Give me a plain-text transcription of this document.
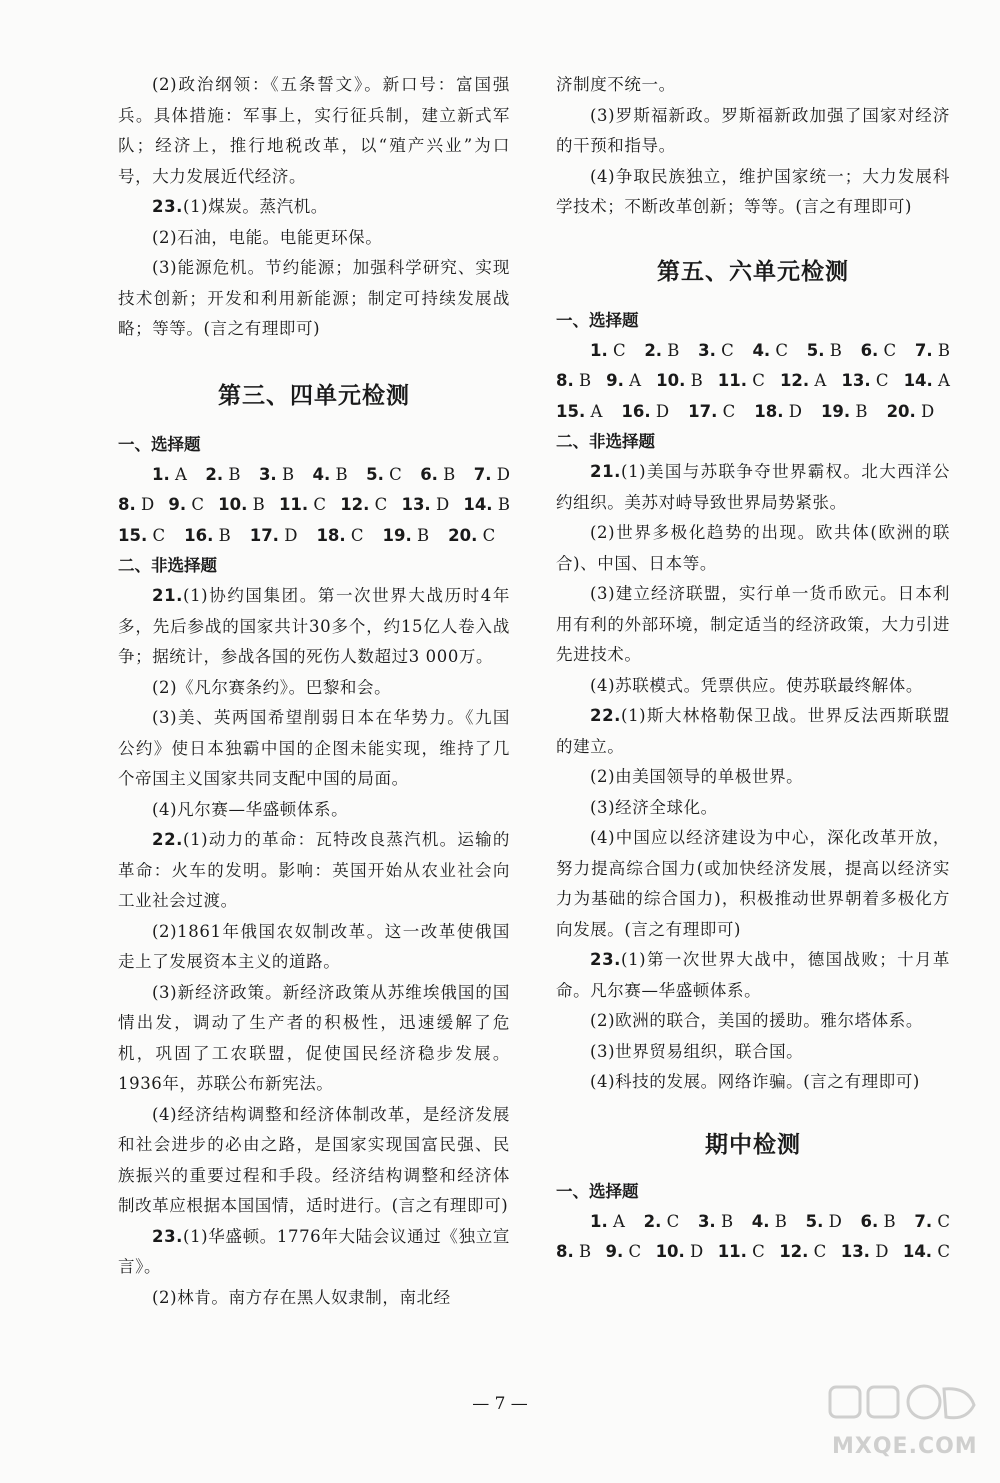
(2)政治纲领：《五条誓文》。新口号：富国强兵。具体措施：军事上，实行征兵制，建立新式军队；经济上，推行地税改革，以“殖产兴业”为口号，大力发展近代经济。

23.(1)煤炭。蒸汽机。

(2)石油，电能。电能更环保。

(3)能源危机。节约能源；加强科学研究、实现技术创新；开发和利用新能源；制定可持续发展战略；等等。(言之有理即可)

第三、四单元检测
一、选择题
1. A 2. B 3. B 4. B 5. C 6. B 7. D
8. D 9. C 10. B 11. C 12. C 13. D 14. B
15. C 16. B 17. D 18. C 19. B 20. C
二、非选择题

21.(1)协约国集团。第一次世界大战历时4年多，先后参战的国家共计30多个，约15亿人卷入战争；据统计，参战各国的死伤人数超过3 000万。

(2)《凡尔赛条约》。巴黎和会。

(3)美、英两国希望削弱日本在华势力。《九国公约》使日本独霸中国的企图未能实现，维持了几个帝国主义国家共同支配中国的局面。

(4)凡尔赛—华盛顿体系。

22.(1)动力的革命：瓦特改良蒸汽机。运输的革命：火车的发明。影响：英国开始从农业社会向工业社会过渡。

(2)1861年俄国农奴制改革。这一改革使俄国走上了发展资本主义的道路。

(3)新经济政策。新经济政策从苏维埃俄国的国情出发，调动了生产者的积极性，迅速缓解了危机，巩固了工农联盟，促使国民经济稳步发展。1936年，苏联公布新宪法。

(4)经济结构调整和经济体制改革，是经济发展和社会进步的必由之路，是国家实现国富民强、民族振兴的重要过程和手段。经济结构调整和经济体制改革应根据本国国情，适时进行。(言之有理即可)

23.(1)华盛顿。1776年大陆会议通过《独立宣言》。

(2)林肯。南方存在黑人奴隶制，南北经

济制度不统一。

(3)罗斯福新政。罗斯福新政加强了国家对经济的干预和指导。

(4)争取民族独立，维护国家统一；大力发展科学技术；不断改革创新；等等。(言之有理即可)

第五、六单元检测
一、选择题
1. C 2. B 3. C 4. C 5. B 6. C 7. B
8. B 9. A 10. B 11. C 12. A 13. C 14. A
15. A 16. D 17. C 18. D 19. B 20. D
二、非选择题

21.(1)美国与苏联争夺世界霸权。北大西洋公约组织。美苏对峙导致世界局势紧张。

(2)世界多极化趋势的出现。欧共体(欧洲的联合)、中国、日本等。

(3)建立经济联盟，实行单一货币欧元。日本利用有利的外部环境，制定适当的经济政策，大力引进先进技术。

(4)苏联模式。凭票供应。使苏联最终解体。

22.(1)斯大林格勒保卫战。世界反法西斯联盟的建立。

(2)由美国领导的单极世界。

(3)经济全球化。

(4)中国应以经济建设为中心，深化改革开放，努力提高综合国力(或加快经济发展，提高以经济实力为基础的综合国力)，积极推动世界朝着多极化方向发展。(言之有理即可)

23.(1)第一次世界大战中，德国战败；十月革命。凡尔赛—华盛顿体系。

(2)欧洲的联合，美国的援助。雅尔塔体系。

(3)世界贸易组织，联合国。

(4)科技的发展。网络诈骗。(言之有理即可)

期中检测
一、选择题
1. A 2. C 3. B 4. B 5. D 6. B 7. C
8. B 9. C 10. D 11. C 12. C 13. D 14. C
— 7 —
MXQE.COM
